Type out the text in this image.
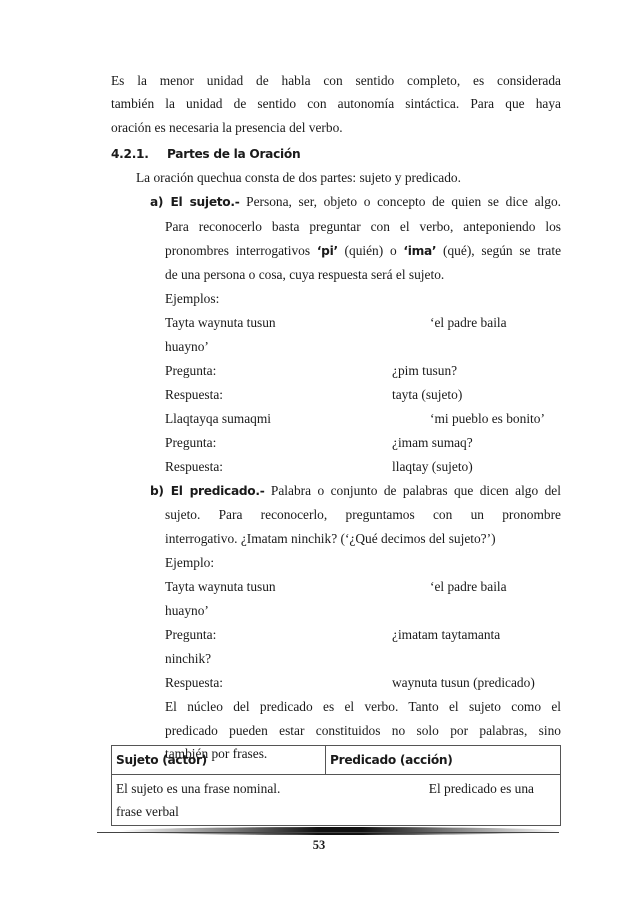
Es la menor unidad de habla con sentido completo, es considerada
también la unidad de sentido con autonomía sintáctica. Para que haya
oración es necesaria la presencia del verbo.
4.2.1. Partes de la Oración
La oración quechua consta de dos partes: sujeto y predicado.
a) El sujeto.- Persona, ser, objeto o concepto de quien se dice algo.
Para reconocerlo basta preguntar con el verbo, anteponiendo los
pronombres interrogativos ‘pi’ (quién) o ‘ima’ (qué), según se trate
de una persona o cosa, cuya respuesta será el sujeto.
Ejemplos:
Tayta waynuta tusun	‘el padre baila
huayno’
Pregunta:	¿pim tusun?
Respuesta:	tayta (sujeto)
Llaqtayqa sumaqmi	‘mi pueblo es bonito’
Pregunta:	¿imam sumaq?
Respuesta:	llaqtay (sujeto)
b) El predicado.- Palabra o conjunto de palabras que dicen algo del
sujeto. Para reconocerlo, preguntamos con un pronombre
interrogativo. ¿Imatam ninchik? (‘¿Qué decimos del sujeto?’)
Ejemplo:
Tayta waynuta tusun	‘el padre baila
huayno’
Pregunta:	¿imatam taytamanta
ninchik?
Respuesta:	waynuta tusun (predicado)
El núcleo del predicado es el verbo. Tanto el sujeto como el
predicado pueden estar constituidos no solo por palabras, sino
también por frases.
Sujeto (actor)	Predicado (acción)

El sujeto es una frase nominal.	El predicado es una
frase verbal
53
